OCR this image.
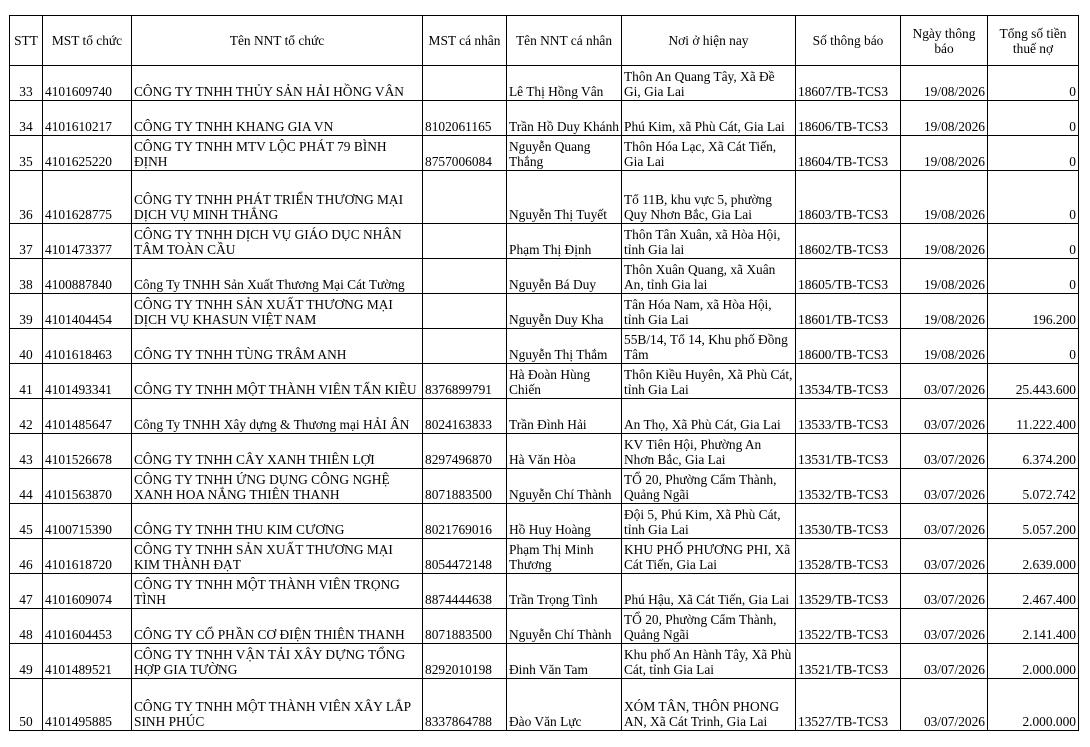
STT	MST tổ chức	Tên NNT tổ chức	MST cá nhân	Tên NNT cá nhân	Nơi ở hiện nay	Số thông báo	Ngày thông báo	Tổng số tiền thuế nợ
33	4101609740	CÔNG TY TNHH THỦY SẢN HẢI HỒNG VÂN		Lê Thị Hồng Vân	Thôn An Quang Tây, Xã Đề Gi, Gia Lai	18607/TB-TCS3	19/08/2026	0
34	4101610217	CÔNG TY TNHH KHANG GIA VN	8102061165	Trần Hồ Duy Khánh	Phú Kim, xã Phù Cát, Gia Lai	18606/TB-TCS3	19/08/2026	0
35	4101625220	CÔNG TY TNHH MTV LỘC PHÁT 79 BÌNH ĐỊNH	8757006084	Nguyễn Quang Thắng	Thôn Hóa Lạc, Xã Cát Tiến, Gia Lai	18604/TB-TCS3	19/08/2026	0
36	4101628775	CÔNG TY TNHH PHÁT TRIỂN THƯƠNG MẠI DỊCH VỤ MINH THẮNG		Nguyễn Thị Tuyết	Tổ 11B, khu vực 5, phường Quy Nhơn Bắc, Gia Lai	18603/TB-TCS3	19/08/2026	0
37	4101473377	CÔNG TY TNHH DỊCH VỤ GIÁO DỤC NHÂN TÂM TOÀN CẦU		Phạm Thị Định	Thôn Tân Xuân, xã Hòa Hội, tỉnh Gia lai	18602/TB-TCS3	19/08/2026	0
38	4100887840	Công Ty TNHH Sản Xuất Thương Mại Cát Tường		Nguyễn Bá Duy	Thôn Xuân Quang, xã Xuân An, tỉnh Gia lai	18605/TB-TCS3	19/08/2026	0
39	4101404454	CÔNG TY TNHH SẢN XUẤT THƯƠNG MẠI DỊCH VỤ KHASUN VIỆT NAM		Nguyễn Duy Kha	Tân Hóa Nam, xã Hòa Hội, tỉnh Gia Lai	18601/TB-TCS3	19/08/2026	196.200
40	4101618463	CÔNG TY TNHH TÙNG TRÂM ANH		Nguyễn Thị Thắm	55B/14, Tổ 14, Khu phố Đồng Tâm	18600/TB-TCS3	19/08/2026	0
41	4101493341	CÔNG TY TNHH MỘT THÀNH VIÊN TẤN KIỀU	8376899791	Hà Đoàn Hùng Chiến	Thôn Kiều Huyên, Xã Phù Cát, tỉnh Gia Lai	13534/TB-TCS3	03/07/2026	25.443.600
42	4101485647	Công Ty TNHH Xây dựng & Thương mại HẢI ÂN	8024163833	Trần Đình Hải	An Thọ, Xã Phù Cát, Gia Lai	13533/TB-TCS3	03/07/2026	11.222.400
43	4101526678	CÔNG TY TNHH CÂY XANH THIÊN LỢI	8297496870	Hà Văn Hòa	KV Tiên Hội, Phường An Nhơn Bắc, Gia Lai	13531/TB-TCS3	03/07/2026	6.374.200
44	4101563870	CÔNG TY TNHH ỨNG DỤNG CÔNG NGHỆ XANH HOA NẮNG THIÊN THANH	8071883500	Nguyễn Chí Thành	TỔ 20, Phường Cẩm Thành, Quảng Ngãi	13532/TB-TCS3	03/07/2026	5.072.742
45	4100715390	CÔNG TY TNHH THU KIM CƯƠNG	8021769016	Hồ Huy Hoàng	Đội 5, Phú Kim, Xã Phù Cát, tỉnh Gia Lai	13530/TB-TCS3	03/07/2026	5.057.200
46	4101618720	CÔNG TY TNHH SẢN XUẤT THƯƠNG MẠI KIM THÀNH ĐẠT	8054472148	Phạm Thị Minh Thương	KHU PHỐ PHƯƠNG PHI, Xã Cát Tiến, Gia Lai	13528/TB-TCS3	03/07/2026	2.639.000
47	4101609074	CÔNG TY TNHH MỘT THÀNH VIÊN TRỌNG TÌNH	8874444638	Trần Trọng Tình	Phú Hậu, Xã Cát Tiến, Gia Lai	13529/TB-TCS3	03/07/2026	2.467.400
48	4101604453	CÔNG TY CỔ PHẦN CƠ ĐIỆN THIÊN THANH	8071883500	Nguyễn Chí Thành	TỔ 20, Phường Cẩm Thành, Quảng Ngãi	13522/TB-TCS3	03/07/2026	2.141.400
49	4101489521	CÔNG TY TNHH VẬN TẢI XÂY DỰNG TỔNG HỢP GIA TƯỜNG	8292010198	Đinh Văn Tam	Khu phố An Hành Tây, Xã Phù Cát, tỉnh Gia Lai	13521/TB-TCS3	03/07/2026	2.000.000
50	4101495885	CÔNG TY TNHH MỘT THÀNH VIÊN XÂY LẮP SINH PHÚC	8337864788	Đào Văn Lực	XÓM TÂN, THÔN PHONG AN, Xã Cát Trinh, Gia Lai	13527/TB-TCS3	03/07/2026	2.000.000
